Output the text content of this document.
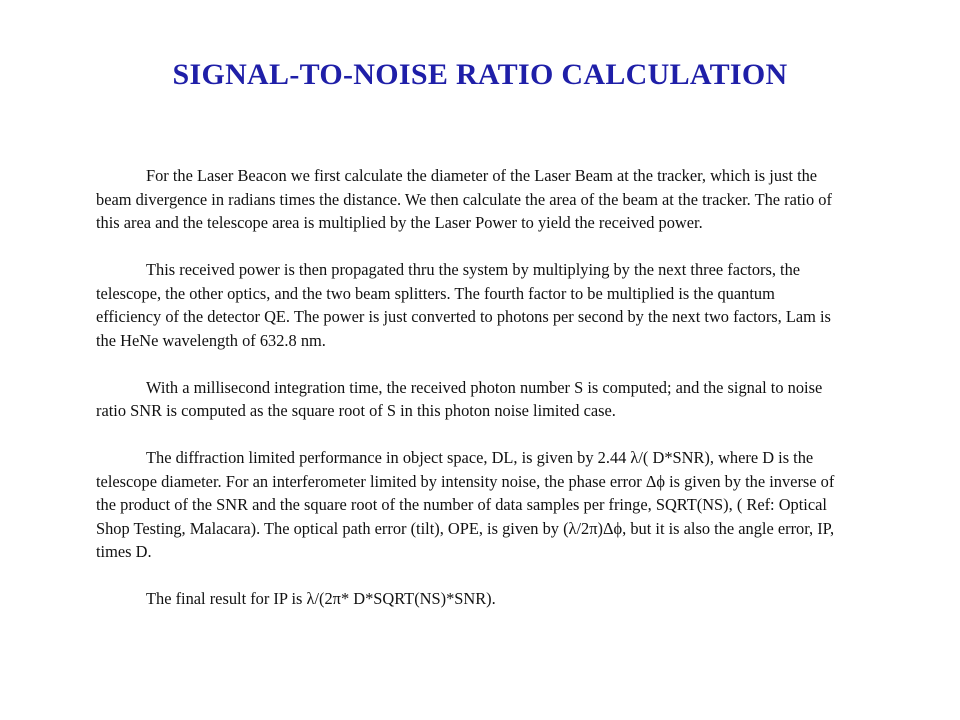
SIGNAL-TO-NOISE RATIO CALCULATION

For the Laser Beacon we first calculate the diameter of the Laser Beam at the tracker, which is just the beam divergence in radians times the distance. We then calculate the area of the beam at the tracker. The ratio of this area and the telescope area is multiplied by the Laser Power to yield the received power.

This received power is then propagated thru the system by multiplying by the next three factors, the telescope, the other optics, and the two beam splitters. The fourth factor to be multiplied is the quantum efficiency of the detector QE. The power is just converted to photons per second by the next two factors, Lam is the HeNe wavelength of 632.8 nm.

With a millisecond integration time, the received photon number S is computed; and the signal to noise ratio SNR is computed as the square root of S in this photon noise limited case.

The diffraction limited performance in object space, DL, is given by 2.44 λ/( D*SNR), where D is the telescope diameter. For an interferometer limited by intensity noise, the phase error Δϕ is given by the inverse of the product of the SNR and the square root of the number of data samples per fringe, SQRT(NS), ( Ref: Optical Shop Testing, Malacara). The optical path error (tilt), OPE, is given by (λ/2π)Δϕ, but it is also the angle error, IP, times D.

The final result for IP is λ/(2π* D*SQRT(NS)*SNR).
